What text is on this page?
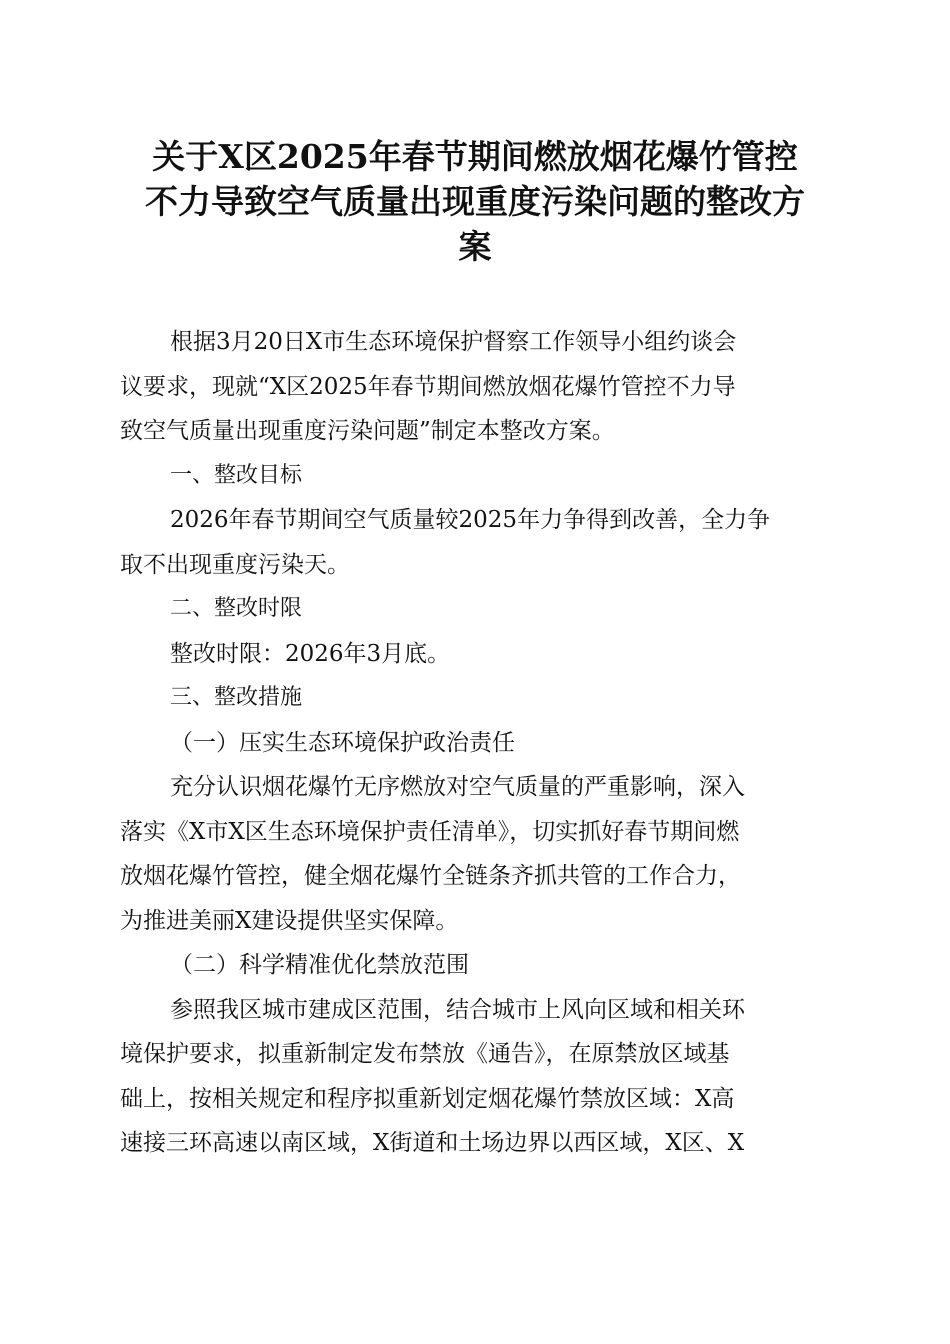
关于X区2025年春节期间燃放烟花爆竹管控
不力导致空气质量出现重度污染问题的整改方
案

根据3月20日X市生态环境保护督察工作领导小组约谈会
议要求，现就“X区2025年春节期间燃放烟花爆竹管控不力导
致空气质量出现重度污染问题”制定本整改方案。

一、整改目标

2026年春节期间空气质量较2025年力争得到改善，全力争
取不出现重度污染天。

二、整改时限

整改时限：2026年3月底。

三、整改措施

（一）压实生态环境保护政治责任

充分认识烟花爆竹无序燃放对空气质量的严重影响，深入
落实《X市X区生态环境保护责任清单》，切实抓好春节期间燃
放烟花爆竹管控，健全烟花爆竹全链条齐抓共管的工作合力，
为推进美丽X建设提供坚实保障。

（二）科学精准优化禁放范围

参照我区城市建成区范围，结合城市上风向区域和相关环
境保护要求，拟重新制定发布禁放《通告》，在原禁放区域基
础上，按相关规定和程序拟重新划定烟花爆竹禁放区域：X高
速接三环高速以南区域，X街道和土场边界以西区域，X区、X
